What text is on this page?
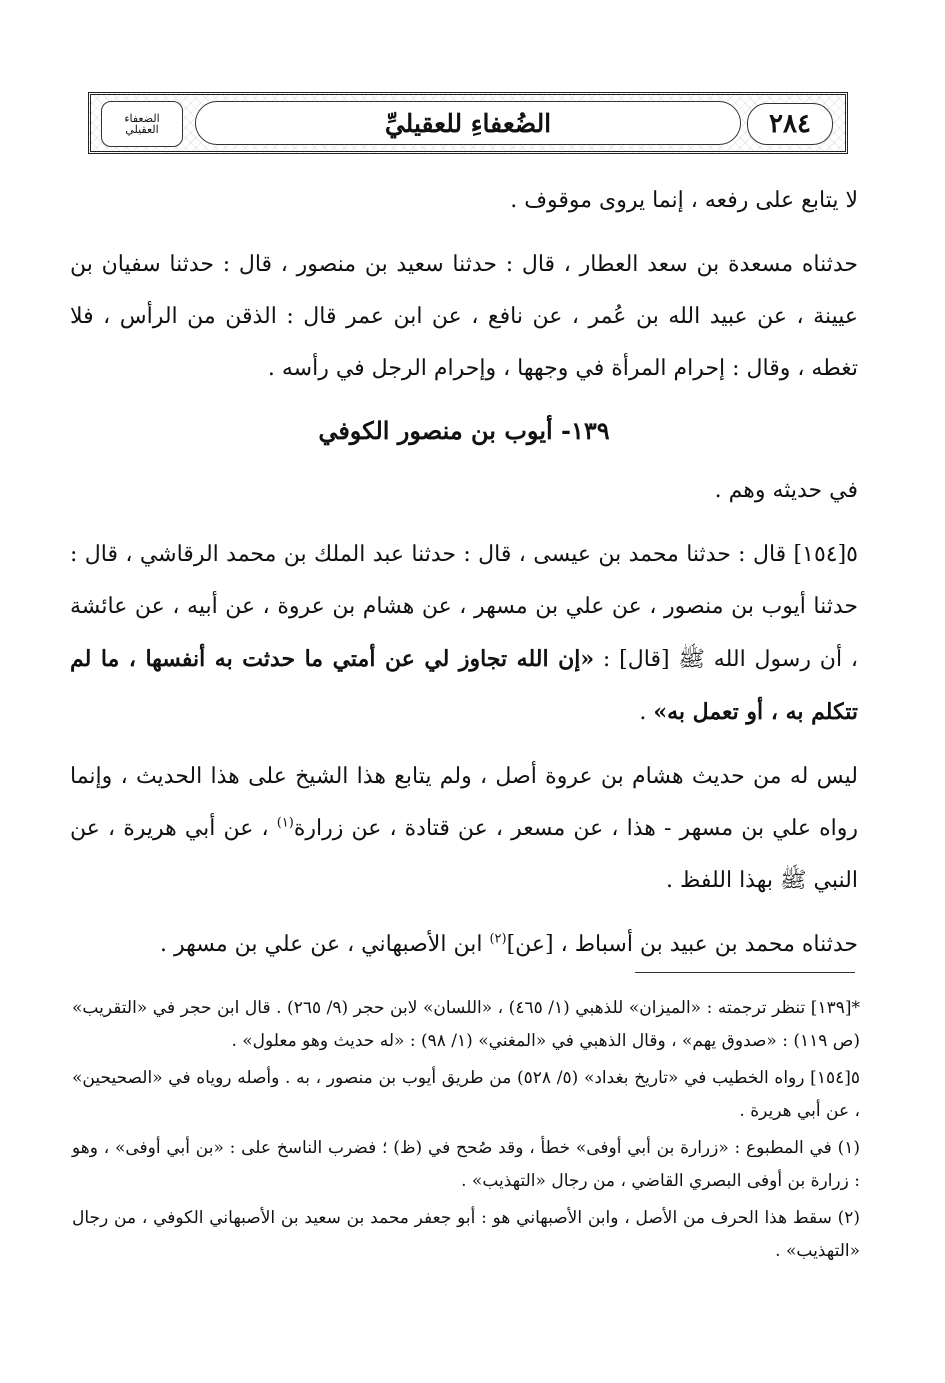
٢٨٤
الضُعفاءِ للعقيليِّ
الضعفاء
العقيلي

لا يتابع على رفعه ، إنما يروى موقوف .

حدثناه مسعدة بن سعد العطار ، قال : حدثنا سعيد بن منصور ، قال : حدثنا سفيان بن عيينة ، عن عبيد الله بن عُمر ، عن نافع ، عن ابن عمر قال : الذقن من الرأس ، فلا تغطه ، وقال : إحرام المرأة في وجهها ، وإحرام الرجل في رأسه .

١٣٩- أيوب بن منصور الكوفي

في حديثه وهم .

٥[١٥٤] قال : حدثنا محمد بن عيسى ، قال : حدثنا عبد الملك بن محمد الرقاشي ، قال : حدثنا أيوب بن منصور ، عن علي بن مسهر ، عن هشام بن عروة ، عن أبيه ، عن عائشة ، أن رسول الله ﷺ [قال] : «إن الله تجاوز لي عن أمتي ما حدثت به أنفسها ، ما لم تتكلم به ، أو تعمل به» .

ليس له من حديث هشام بن عروة أصل ، ولم يتابع هذا الشيخ على هذا الحديث ، وإنما رواه علي بن مسهر - هذا ، عن مسعر ، عن قتادة ، عن زرارة$^{(١)}$ ، عن أبي هريرة ، عن النبي ﷺ بهذا اللفظ .

حدثناه محمد بن عبيد بن أسباط ، [عن]$^{(٢)}$ ابن الأصبهاني ، عن علي بن مسهر .

*[١٣٩] تنظر ترجمته : «الميزان» للذهبي (١/ ٤٦٥) ، «اللسان» لابن حجر (٩/ ٢٦٥) . قال ابن حجر في «التقريب» (ص ١١٩) : «صدوق يهم» ، وقال الذهبي في «المغني» (١/ ٩٨) : «له حديث وهو معلول» .

٥[١٥٤] رواه الخطيب في «تاريخ بغداد» (٥/ ٥٢٨) من طريق أيوب بن منصور ، به . وأصله روياه في «الصحيحين» ، عن أبي هريرة .

(١) في المطبوع : «زرارة بن أبي أوفى» خطأ ، وقد صُحح في (ظ) ؛ فضرب الناسخ على : «بن أبي أوفى» ، وهو : زرارة بن أوفى البصري القاضي ، من رجال «التهذيب» .

(٢) سقط هذا الحرف من الأصل ، وابن الأصبهاني هو : أبو جعفر محمد بن سعيد بن الأصبهاني الكوفي ، من رجال «التهذيب» .
